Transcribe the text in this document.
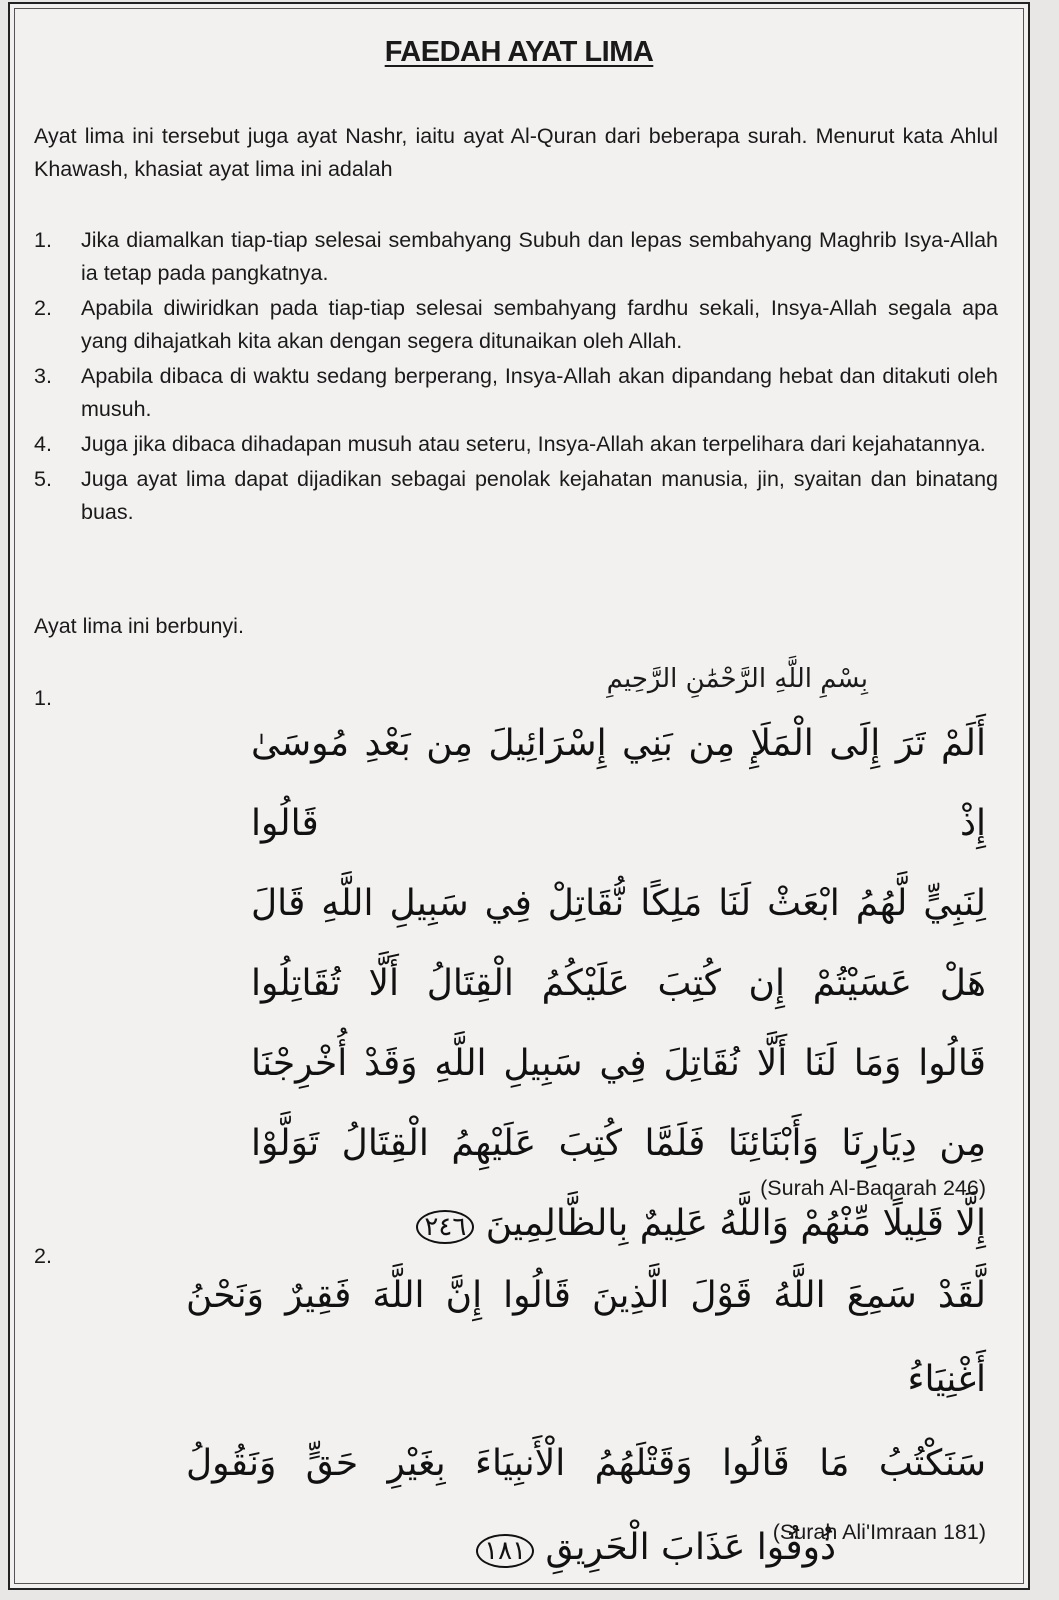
FAEDAH AYAT LIMA
Ayat lima ini tersebut juga ayat Nashr, iaitu ayat Al-Quran dari beberapa surah. Menurut kata Ahlul Khawash, khasiat ayat lima ini adalah
1.	Jika diamalkan tiap-tiap selesai sembahyang Subuh dan lepas sembahyang Maghrib Isya-Allah ia tetap pada pangkatnya.
2.	Apabila diwiridkan pada tiap-tiap selesai sembahyang fardhu sekali, Insya-Allah segala apa yang dihajatkah kita akan dengan segera ditunaikan oleh Allah.
3.	Apabila dibaca di waktu sedang berperang, Insya-Allah akan dipandang hebat dan ditakuti oleh musuh.
4.	Juga jika dibaca dihadapan musuh atau seteru, Insya-Allah akan terpelihara dari kejahatannya.
5.	Juga ayat lima dapat dijadikan sebagai penolak kejahatan manusia, jin, syaitan dan binatang buas.
Ayat lima ini berbunyi.
1.
بِسْمِ اللَّهِ الرَّحْمَٰنِ الرَّحِيمِ
أَلَمْ تَرَ إِلَى الْمَلَإِ مِن بَنِي إِسْرَائِيلَ مِن بَعْدِ مُوسَىٰ إِذْ قَالُوا
لِنَبِيٍّ لَّهُمُ ابْعَثْ لَنَا مَلِكًا نُّقَاتِلْ فِي سَبِيلِ اللَّهِ قَالَ
هَلْ عَسَيْتُمْ إِن كُتِبَ عَلَيْكُمُ الْقِتَالُ أَلَّا تُقَاتِلُوا
قَالُوا وَمَا لَنَا أَلَّا نُقَاتِلَ فِي سَبِيلِ اللَّهِ وَقَدْ أُخْرِجْنَا
مِن دِيَارِنَا وَأَبْنَائِنَا فَلَمَّا كُتِبَ عَلَيْهِمُ الْقِتَالُ تَوَلَّوْا
إِلَّا قَلِيلًا مِّنْهُمْ وَاللَّهُ عَلِيمٌ بِالظَّالِمِينَ ٢٤٦
(Surah Al-Baqarah 246)
2.
لَّقَدْ سَمِعَ اللَّهُ قَوْلَ الَّذِينَ قَالُوا إِنَّ اللَّهَ فَقِيرٌ وَنَحْنُ أَغْنِيَاءُ
سَنَكْتُبُ مَا قَالُوا وَقَتْلَهُمُ الْأَنبِيَاءَ بِغَيْرِ حَقٍّ وَنَقُولُ
ذُوقُوا عَذَابَ الْحَرِيقِ ١٨١
(Surah Ali'Imraan 181)
